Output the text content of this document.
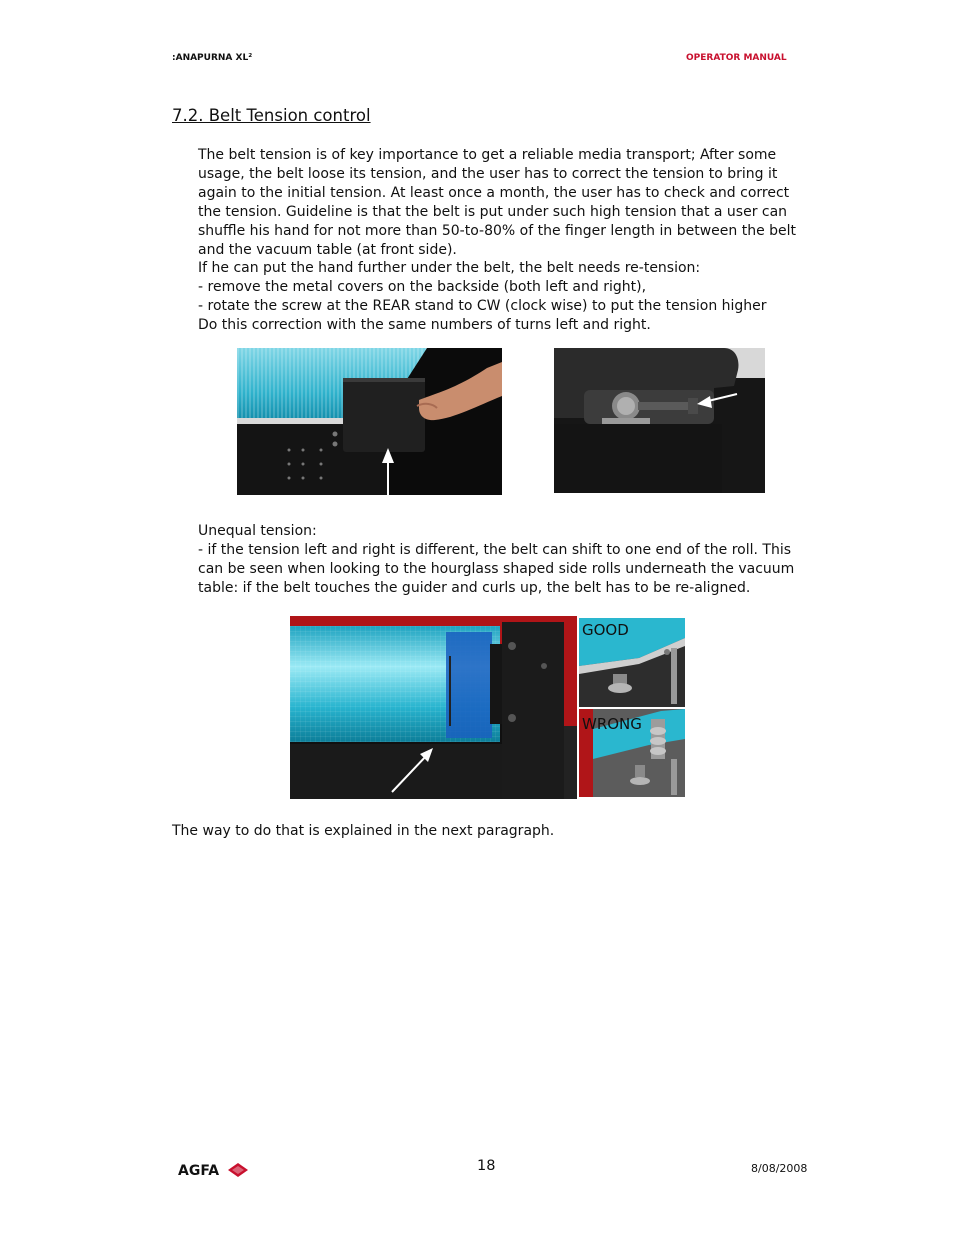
:ANAPURNA XL²	OPERATOR MANUAL
7.2. Belt Tension control

The belt tension is of key importance to get a reliable media transport; After some

usage, the belt loose its tension, and the user has to correct the tension to bring it

again to the initial tension. At least once a month, the user has to check and correct

the tension. Guideline is that the belt is put under such high tension that a user can

shuffle his hand for not more than 50-to-80% of the finger length in between the belt

and the vacuum table (at front side).

If he can put the hand further under the belt, the belt needs re-tension:

- remove the metal covers on the backside (both left and right),

- rotate the screw at the REAR stand to CW (clock wise) to put the tension higher

Do this correction with the same numbers of turns left and right.

Unequal tension:

- if the tension left and right is different, the belt can shift to one end of the roll. This

can be seen when looking to the hourglass shaped side rolls underneath the vacuum

table: if the belt touches the guider and curls up, the belt has to be re-aligned.

GOOD
WRONG
The way to do that is explained in the next paragraph.
AGFA	18	8/08/2008
